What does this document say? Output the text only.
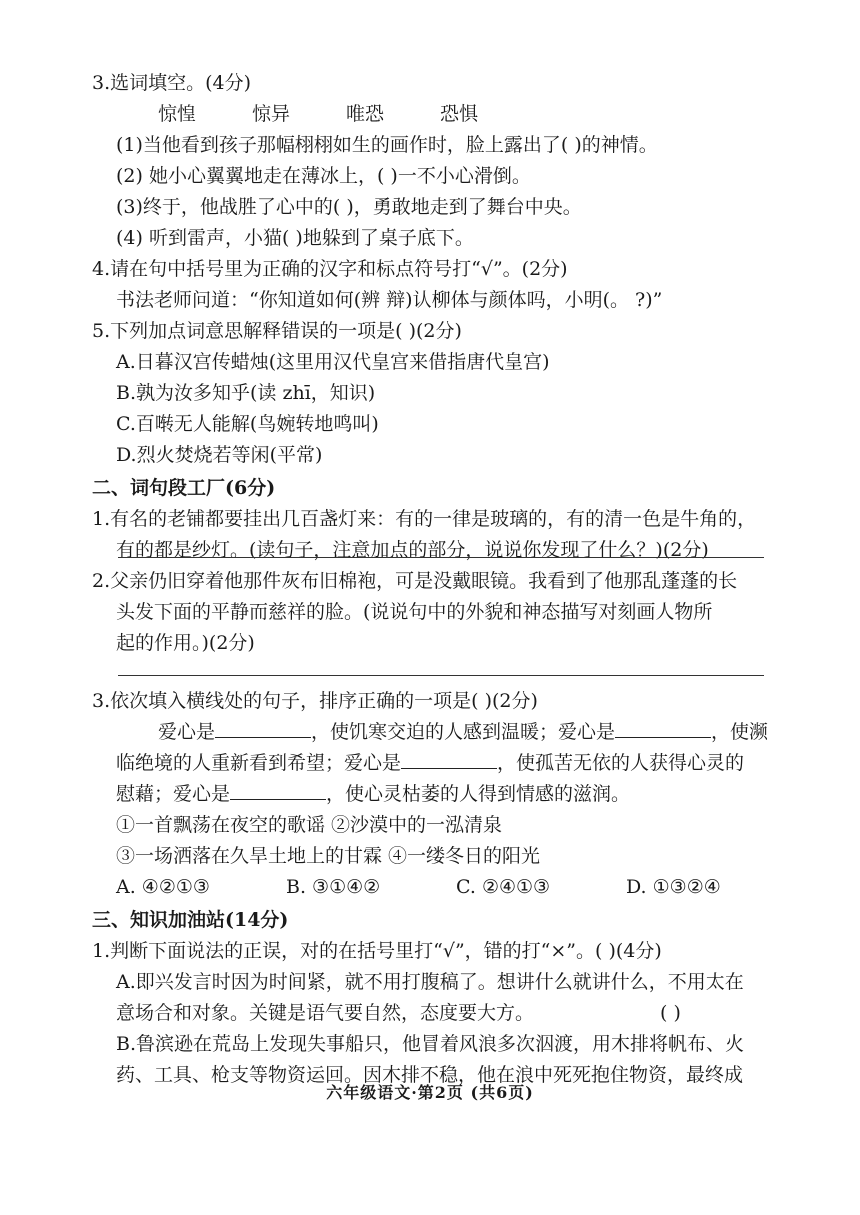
3.选词填空。(4分)
惊惶	惊异	唯恐	恐惧
(1)当他看到孩子那幅栩栩如生的画作时，脸上露出了( )的神情。
(2) 她小心翼翼地走在薄冰上，( )一不小心滑倒。
(3)终于，他战胜了心中的( )，勇敢地走到了舞台中央。
(4) 听到雷声，小猫( )地躲到了桌子底下。
4.请在句中括号里为正确的汉字和标点符号打“√”。(2分)
书法老师问道：“你知道如何(辨 辩)认柳体与颜体吗，小明(。 ?)”
5.下列加点词意思解释错误的一项是( )(2分)
A.日暮汉宫传蜡烛(这里用汉代皇宫来借指唐代皇宫)
B.孰为汝多知乎(读 zhī，知识)
C.百啭无人能解(鸟婉转地鸣叫)
D.烈火焚烧若等闲(平常)
二、词句段工厂(6分)
1.有名的老铺都要挂出几百盏灯来：有的一律是玻璃的，有的清一色是牛角的，
有的都是纱灯。(读句子，注意加点的部分，说说你发现了什么？)(2分)
2.父亲仍旧穿着他那件灰布旧棉袍，可是没戴眼镜。我看到了他那乱蓬蓬的长
头发下面的平静而慈祥的脸。(说说句中的外貌和神态描写对刻画人物所
起的作用。)(2分)
3.依次填入横线处的句子，排序正确的一项是( )(2分)
爱心是	，使饥寒交迫的人感到温暖；爱心是	，使濒
临绝境的人重新看到希望；爱心是	，使孤苦无依的人获得心灵的
慰藉；爱心是	，使心灵枯萎的人得到情感的滋润。
①一首飘荡在夜空的歌谣 ②沙漠中的一泓清泉
③一场洒落在久旱土地上的甘霖 ④一缕冬日的阳光
A. ④②①③	B. ③①④②	C. ②④①③	D. ①③②④
三、知识加油站(14分)
1.判断下面说法的正误，对的在括号里打“√”，错的打“×”。( )(4分)
A.即兴发言时因为时间紧，就不用打腹稿了。想讲什么就讲什么，不用太在
意场合和对象。关键是语气要自然，态度要大方。	( )
B.鲁滨逊在荒岛上发现失事船只，他冒着风浪多次泅渡，用木排将帆布、火
药、工具、枪支等物资运回。因木排不稳，他在浪中死死抱住物资，最终成
六年级语文·第2页 (共6页)
